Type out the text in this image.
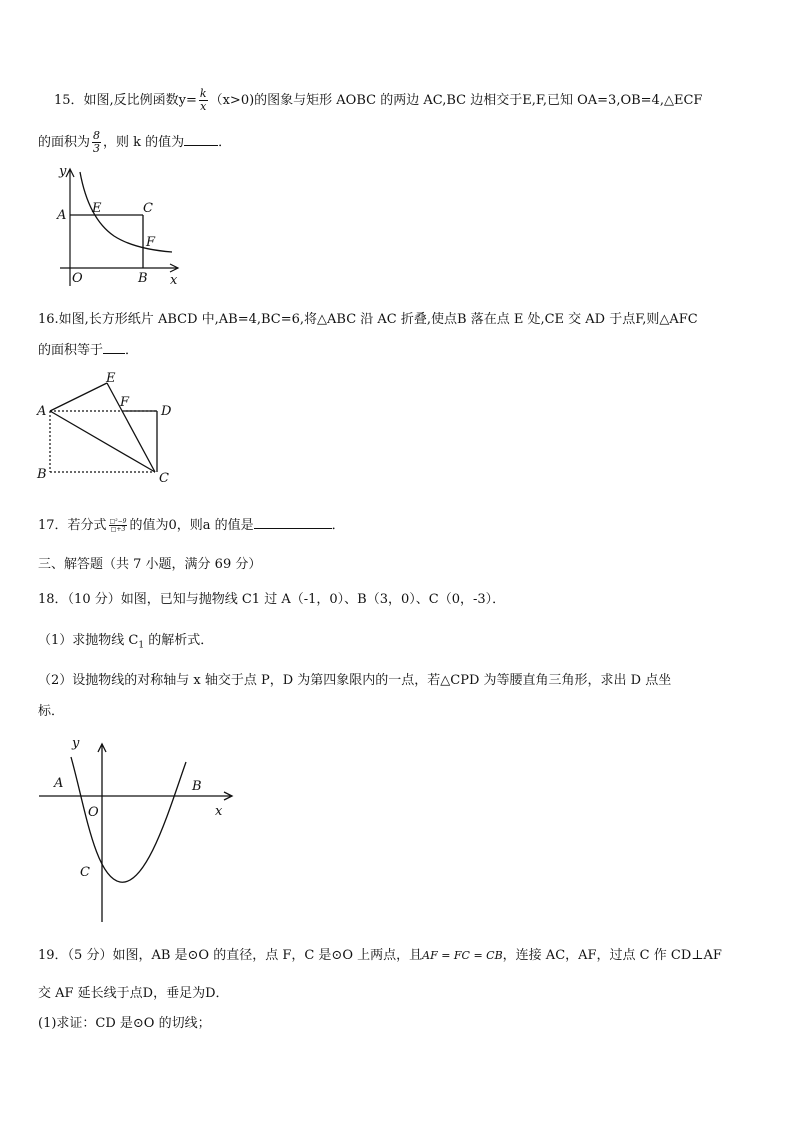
15．如图,反比例函数$y= \frac{k}{x} (x>0)$的图象与矩形 AOBC 的两边 AC,BC 边相交于E,F,已知 OA=3,OB=4,△ECF
的面积为 $\frac{8}{3}$ ，则 k 的值为	．
y
A E	C
F
O	B x
16.如图,长方形纸片 ABCD 中,AB=4,BC=6,将△ABC 沿 AC 折叠,使点B 落在点 E 处,CE 交 AD 于点F,则△AFC
的面积等于 ．
A
B	C
D
E
F
17．若分式 $\frac{\text{□²−9}}{□+3}$ 的值为0，则a 的值是	．
三、解答题（共 7 小题，满分 69 分）
18．（10 分）如图，已知与抛物线 C1 过 A（-1，0）、B（3，0）、C（0，-3）．
（1）求抛物线 $C_1$ 的解析式．
（2）设抛物线的对称轴与 x 轴交于点 P，D 为第四象限内的一点，若△CPD 为等腰直角三角形，求出 D 点坐
标．
y
A	B
O	x
C
19．（5 分）如图，AB 是⊙O 的直径，点 F，C 是⊙O 上两点，且AF = FC = CB，连接 AC，AF，过点 C 作 CD⊥AF
交 AF 延长线于点D，垂足为D．
(1)求证：CD 是⊙O 的切线；
